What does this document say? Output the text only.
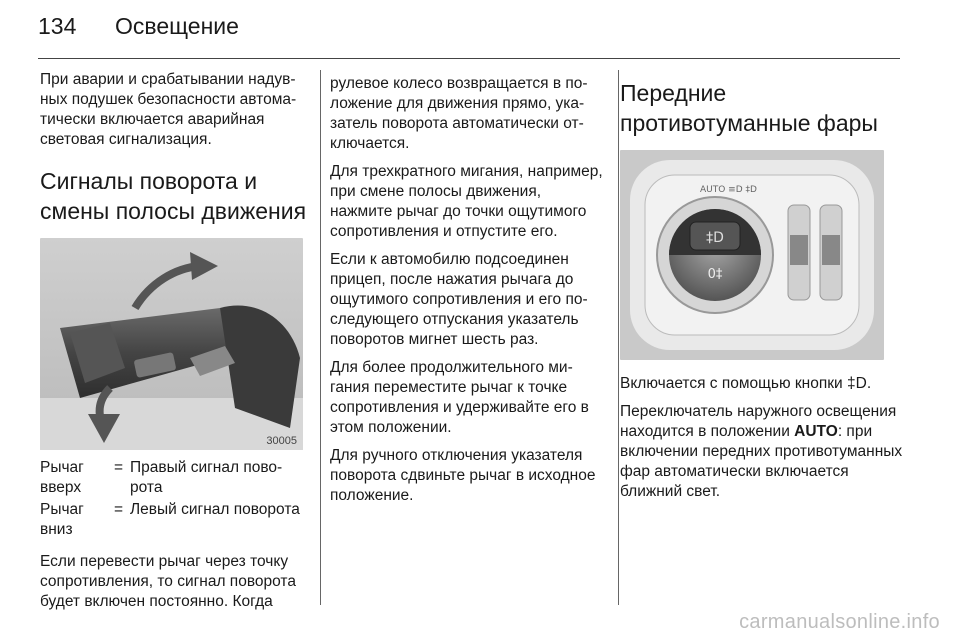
134 Освещение

При аварии и срабатывании надувных подушек безопасности автоматически включается аварийная световая сигнализация.

Сигналы поворота и смены полосы движения
30005
Рычаг вверх
= Правый сигнал поворота
Рычаг вниз
= Левый сигнал поворота

Если перевести рычаг через точку сопротивления, то сигнал поворота будет включен постоянно. Когда

рулевое колесо возвращается в положение для движения прямо, указатель поворота автоматически отключается.

Для трехкратного мигания, например, при смене полосы движения, нажмите рычаг до точки ощутимого сопротивления и отпустите его.

Если к автомобилю подсоединен прицеп, после нажатия рычага до ощутимого сопротивления и его последующего отпускания указатель поворотов мигнет шесть раз.

Для более продолжительного мигания переместите рычаг к точке сопротивления и удерживайте его в этом положении.

Для ручного отключения указателя поворота сдвиньте рычаг в исходное положение.

Передние противотуманные фары
‡D
0‡
AUTO ≡D ‡D

Включается с помощью кнопки ‡D.

Переключатель наружного освещения находится в положении AUTO: при включении передних противотуманных фар автоматически включается ближний свет.

carmanualsonline.info
